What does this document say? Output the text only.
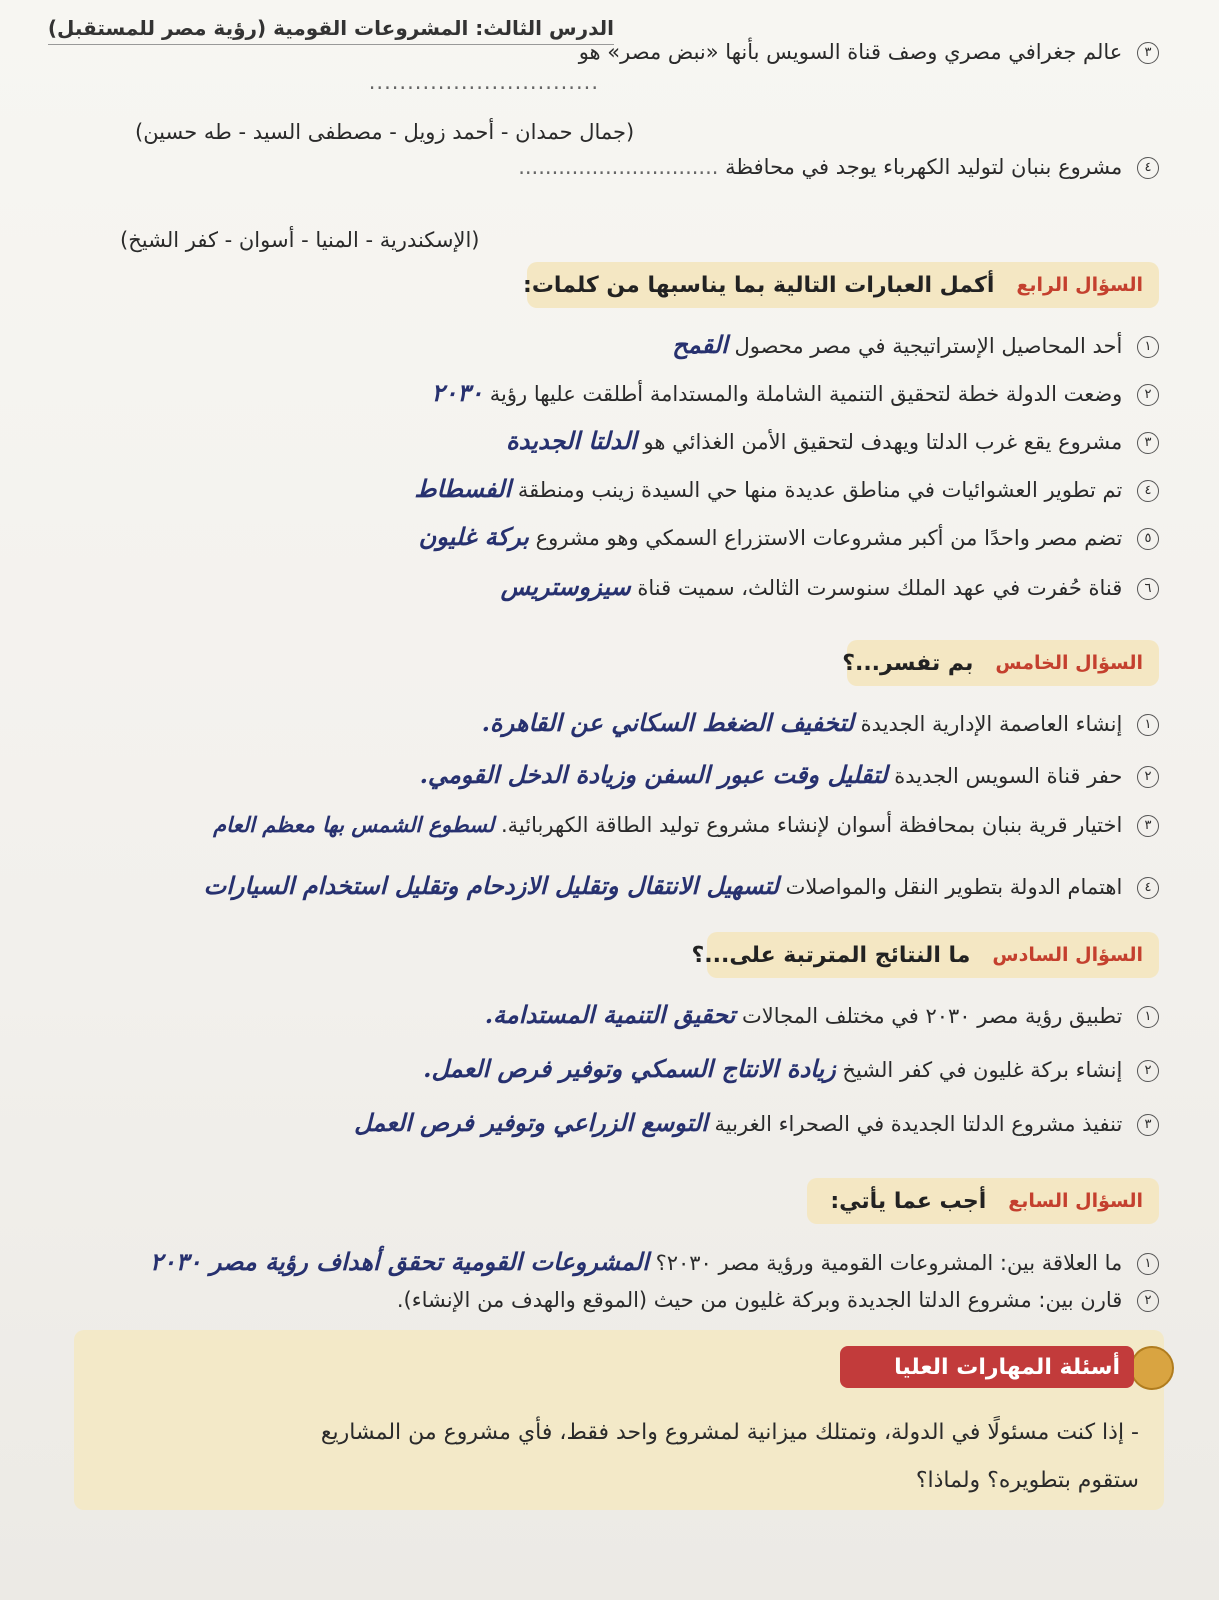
الدرس الثالث: المشروعات القومية (رؤية مصر للمستقبل)
٣ عالم جغرافي مصري وصف قناة السويس بأنها «نبض مصر» هو
..............................
(جمال حمدان - أحمد زويل - مصطفى السيد - طه حسين)
٤ مشروع بنبان لتوليد الكهرباء يوجد في محافظة ..............................
(الإسكندرية - المنيا - أسوان - كفر الشيخ)
السؤال الرابع
أكمل العبارات التالية بما يناسبها من كلمات:
١ أحد المحاصيل الإستراتيجية في مصر محصول القمح
٢ وضعت الدولة خطة لتحقيق التنمية الشاملة والمستدامة أطلقت عليها رؤية ٢٠٣٠
٣ مشروع يقع غرب الدلتا ويهدف لتحقيق الأمن الغذائي هو الدلتا الجديدة
٤ تم تطوير العشوائيات في مناطق عديدة منها حي السيدة زينب ومنطقة الفسطاط
٥ تضم مصر واحدًا من أكبر مشروعات الاستزراع السمكي وهو مشروع بركة غليون
٦ قناة حُفرت في عهد الملك سنوسرت الثالث، سميت قناة سيزوستريس
السؤال الخامس
بم تفسر...؟
١ إنشاء العاصمة الإدارية الجديدة لتخفيف الضغط السكاني عن القاهرة.
٢ حفر قناة السويس الجديدة لتقليل وقت عبور السفن وزيادة الدخل القومي.
٣ اختيار قرية بنبان بمحافظة أسوان لإنشاء مشروع توليد الطاقة الكهربائية. لسطوع الشمس بها معظم العام
٤ اهتمام الدولة بتطوير النقل والمواصلات لتسهيل الانتقال وتقليل الازدحام وتقليل استخدام السيارات
السؤال السادس
ما النتائج المترتبة على...؟
١ تطبيق رؤية مصر ٢٠٣٠ في مختلف المجالات تحقيق التنمية المستدامة.
٢ إنشاء بركة غليون في كفر الشيخ زيادة الانتاج السمكي وتوفير فرص العمل.
٣ تنفيذ مشروع الدلتا الجديدة في الصحراء الغربية التوسع الزراعي وتوفير فرص العمل
السؤال السابع
أجب عما يأتي:
١ ما العلاقة بين: المشروعات القومية ورؤية مصر ٢٠٣٠؟ المشروعات القومية تحقق أهداف رؤية مصر ٢٠٣٠
٢ قارن بين: مشروع الدلتا الجديدة وبركة غليون من حيث (الموقع والهدف من الإنشاء).
أسئلة المهارات العليا
- إذا كنت مسئولًا في الدولة، وتمتلك ميزانية لمشروع واحد فقط، فأي مشروع من المشاريع
ستقوم بتطويره؟ ولماذا؟
